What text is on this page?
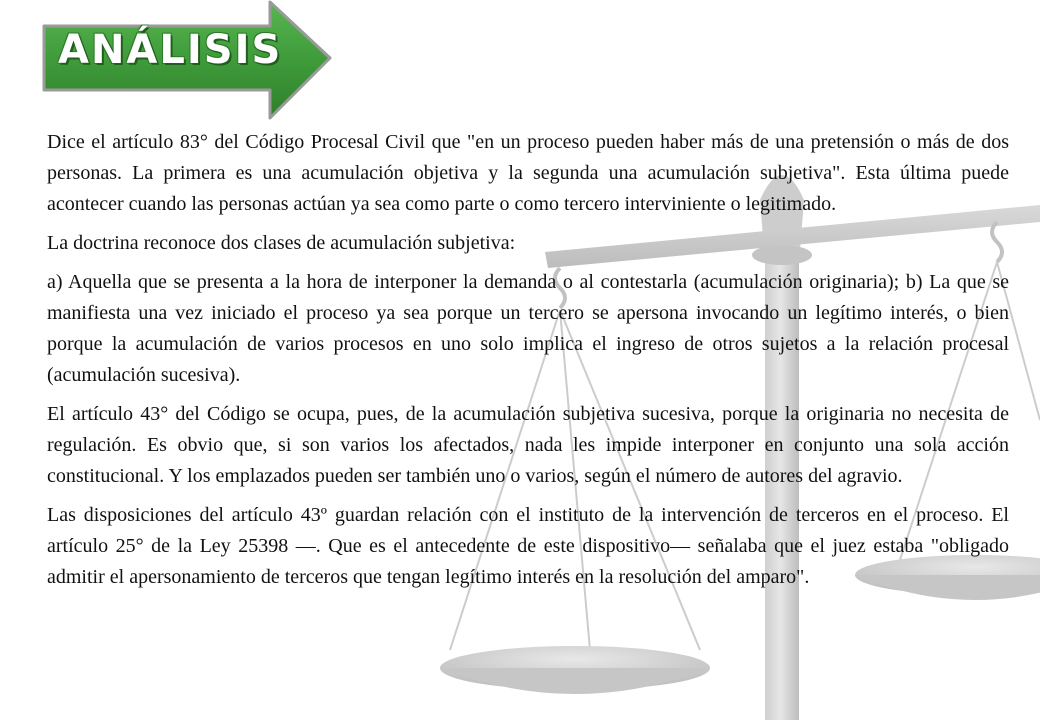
ANÁLISIS

Dice el artículo 83° del Código Procesal Civil que "en un proceso pueden haber más de una pretensión o más de dos personas. La primera es una acumulación objetiva y la segunda una acumulación subjetiva". Esta última puede acontecer cuando las personas actúan ya sea como parte o como tercero interviniente o legitimado.

La doctrina reconoce dos clases de acumulación subjetiva:

a) Aquella que se presenta a la hora de interponer la demanda o al contestarla (acumulación originaria); b) La que se manifiesta una vez iniciado el proceso ya sea porque un tercero se apersona invocando un legítimo interés, o bien porque la acumulación de varios procesos en uno solo implica el ingreso de otros sujetos a la relación procesal (acumulación sucesiva).

El artículo 43° del Código se ocupa, pues, de la acumulación subjetiva sucesiva, porque la originaria no necesita de regulación. Es obvio que, si son varios los afectados, nada les impide interponer en conjunto una sola acción constitucional. Y los emplazados pueden ser también uno o varios, según el número de autores del agravio.

Las disposiciones del artículo 43º guardan relación con el instituto de la intervención de terceros en el proceso. El artículo 25° de la Ley 25398 —. Que es el antecedente de este dispositivo— señalaba que el juez estaba "obligado admitir el apersonamiento de terceros que tengan legítimo interés en la resolución del amparo".
